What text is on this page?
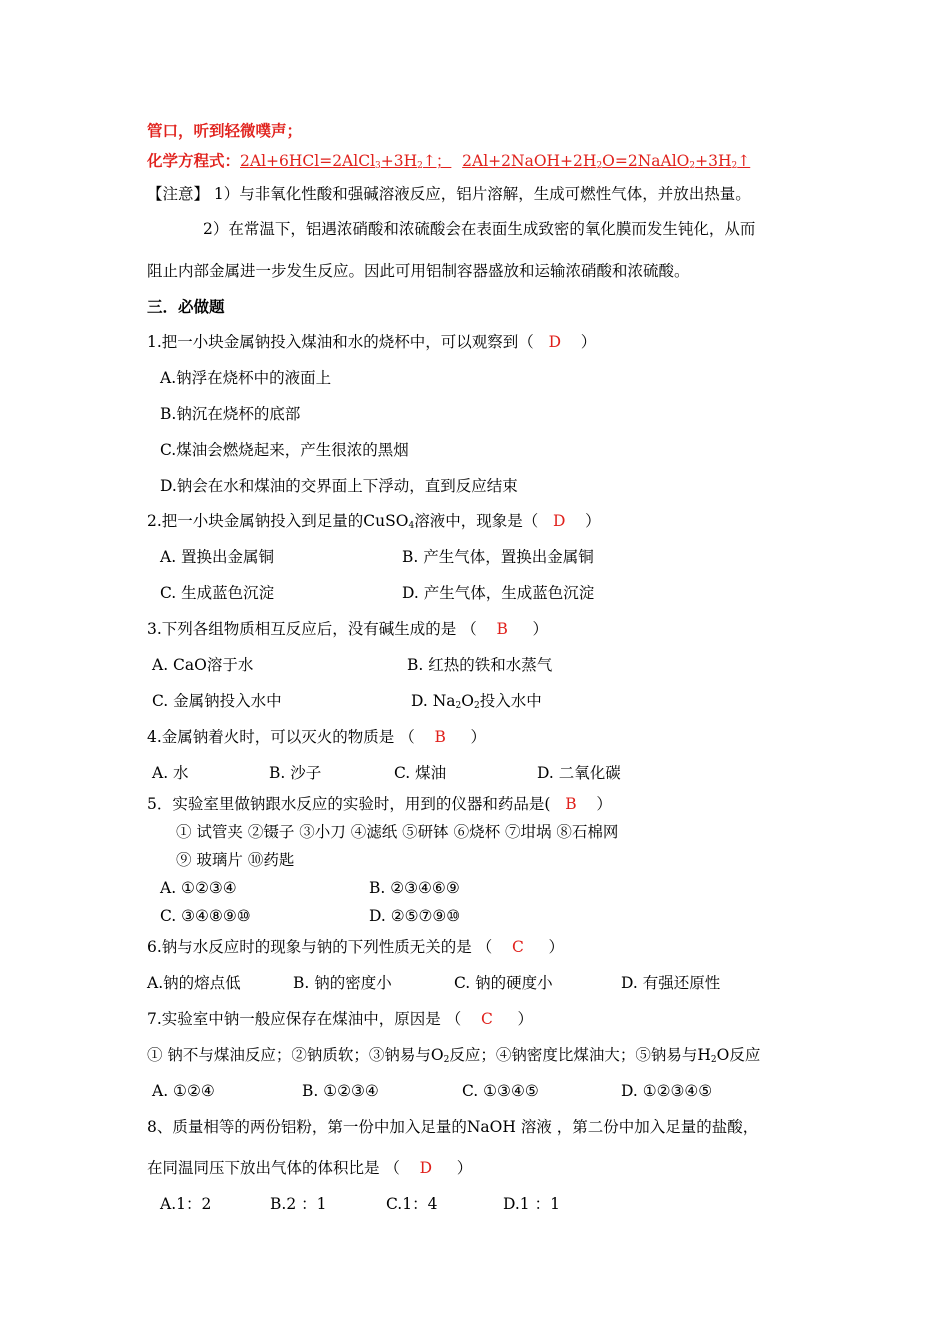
管口，听到轻微噗声；
化学方程式：$2Al+6HCl=2AlCl_3+3H_2↑$； $2Al+2NaOH+2H_2O=2NaAlO_2+3H_2↑$
【注意】 1）与非氧化性酸和强碱溶液反应，铝片溶解，生成可燃性气体，并放出热量。
2）在常温下，铝遇浓硝酸和浓硫酸会在表面生成致密的氧化膜而发生钝化，从而
阻止内部金属进一步发生反应。因此可用铝制容器盛放和运输浓硝酸和浓硫酸。
三．必做题
1.把一小块金属钠投入煤油和水的烧杯中，可以观察到（ D ）
A.钠浮在烧杯中的液面上
B.钠沉在烧杯的底部
C.煤油会燃烧起来，产生很浓的黑烟
D.钠会在水和煤油的交界面上下浮动，直到反应结束
2.把一小块金属钠投入到足量的CuSO$_4$溶液中，现象是（ D ）
A. 置换出金属铜	B. 产生气体，置换出金属铜
C. 生成蓝色沉淀	D. 产生气体，生成蓝色沉淀
3.下列各组物质相互反应后，没有碱生成的是 （ B ）
A. CaO溶于水	B. 红热的铁和水蒸气
C. 金属钠投入水中	D. $Na_2O_2$投入水中
4.金属钠着火时，可以灭火的物质是 （ B ）
A. 水	B. 沙子	C. 煤油	D. 二氧化碳
5．实验室里做钠跟水反应的实验时，用到的仪器和药品是( B ）
① 试管夹 ②镊子 ③小刀 ④滤纸 ⑤研钵 ⑥烧杯 ⑦坩埚 ⑧石棉网
⑨ 玻璃片 ⑩药匙
A. ①②③④	B. ②③④⑥⑨
C. ③④⑧⑨⑩	D. ②⑤⑦⑨⑩
6.钠与水反应时的现象与钠的下列性质无关的是 （ C ）
A.钠的熔点低	B. 钠的密度小	C. 钠的硬度小	D. 有强还原性
7.实验室中钠一般应保存在煤油中，原因是 （ C ）
① 钠不与煤油反应；②钠质软；③钠易与$O_2$反应；④钠密度比煤油大；⑤钠易与$H_2O$反应
A. ①②④	B. ①②③④	C. ①③④⑤	D. ①②③④⑤
8、质量相等的两份铝粉，第一份中加入足量的NaOH 溶液 ，第二份中加入足量的盐酸，
在同温同压下放出气体的体积比是 （ D ）
A.1：2	B.2 ：1	C.1：4	D.1 ：1
